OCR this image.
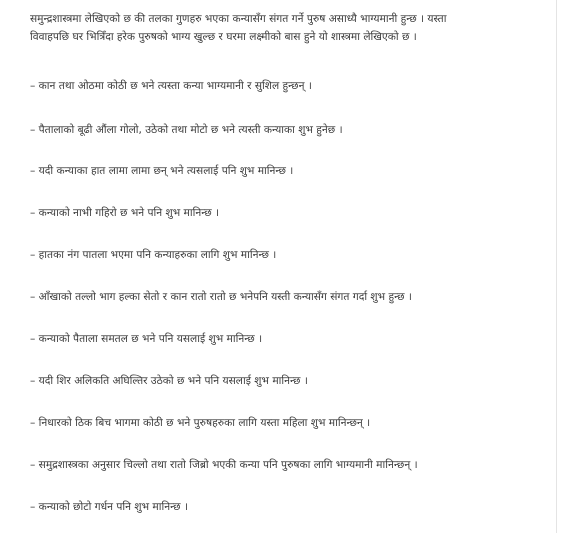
समुन्द्रशास्त्रमा लेखिएको छ की तलका गुणहरु भएका कन्यासँग संगत गर्ने पुरुष असाध्यै भाग्यमानी हुन्छ । यस्ता

विवाहपछि घर भित्रिँदा हरेक पुरुषको भाग्य खुल्छ र घरमा लक्ष्मीको बास हुने यो शास्त्रमा लेखिएको छ ।

– कान तथा ओठमा कोठी छ भने त्यस्ता कन्या भाग्यमानी र सुशिल हुन्छन् ।
– पैतालाको बूढी औंला गोलो, उठेको तथा मोटो छ भने त्यस्ती कन्याका शुभ हुनेछ ।
– यदी कन्याका हात लामा लामा छन् भने त्यसलाई पनि शुभ मानिन्छ ।
– कन्याको नाभी गहिरो छ भने पनि शुभ मानिन्छ ।
– हातका नंग पातला भएमा पनि कन्याहरुका लागि शुभ मानिन्छ ।
– आँखाको तल्लो भाग हल्का सेतो र कान रातो रातो छ भनेपनि यस्ती कन्यासँग संगत गर्दा शुभ हुन्छ ।
– कन्याको पैताला समतल छ भने पनि यसलाई शुभ मानिन्छ ।
– यदी शिर अलिकति अघिल्तिर उठेको छ भने पनि यसलाई शुभ मानिन्छ ।
– निधारको ठिक बिच भागमा कोठी छ भने पुरुषहरुका लागि यस्ता महिला शुभ मानिन्छन् ।
– समुद्रशास्त्रका अनुसार चिल्लो तथा रातो जिब्रो भएकी कन्या पनि पुरुषका लागि भाग्यमानी मानिन्छन् ।
– कन्याको छोटो गर्धन पनि शुभ मानिन्छ ।
